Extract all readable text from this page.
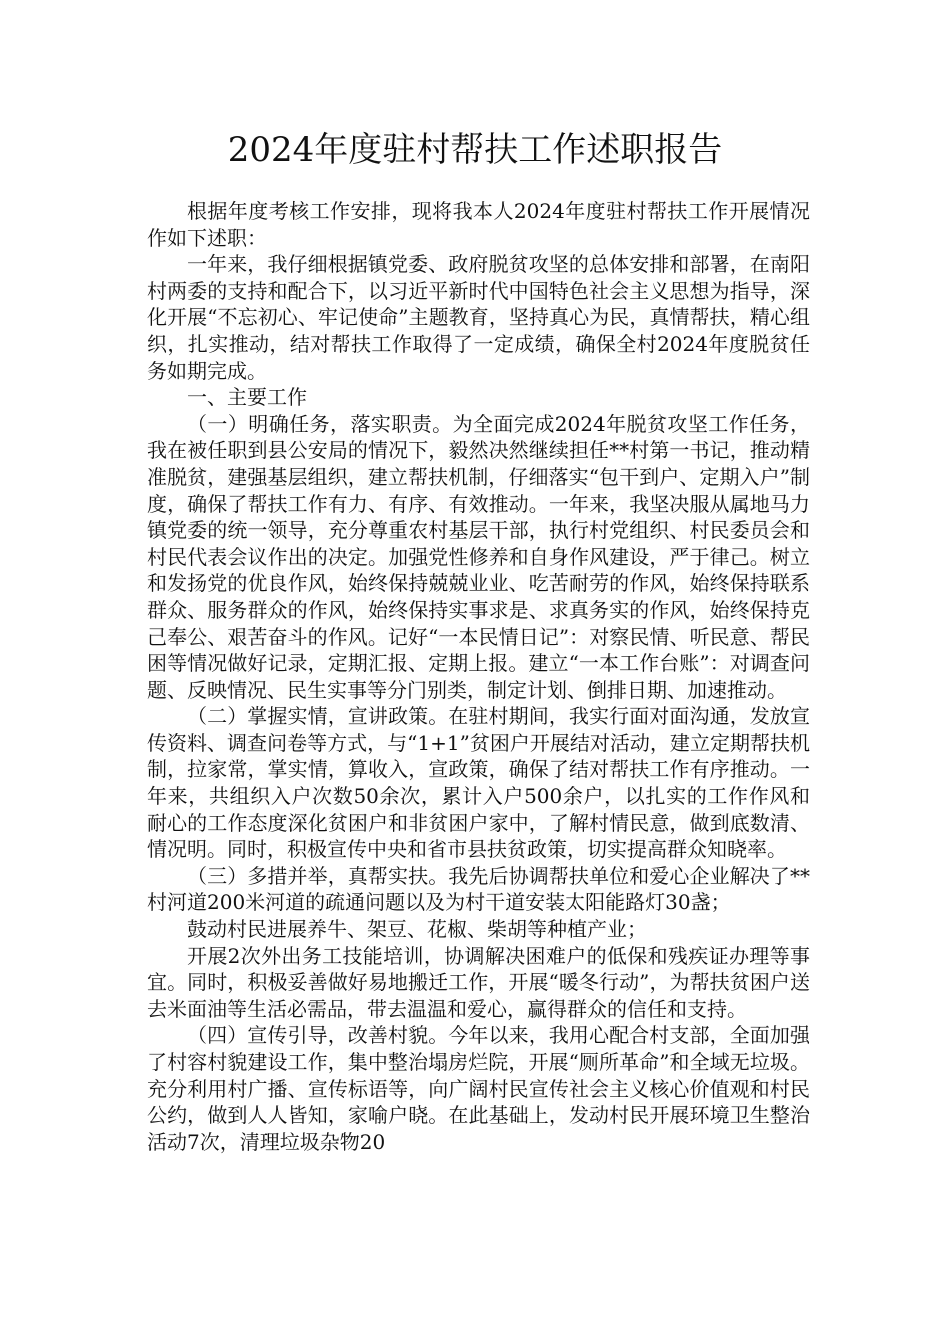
2024年度驻村帮扶工作述职报告

根据年度考核工作安排，现将我本人2024年度驻村帮扶工作开展情况作如下述职：

一年来，我仔细根据镇党委、政府脱贫攻坚的总体安排和部署，在南阳村两委的支持和配合下，以习近平新时代中国特色社会主义思想为指导，深化开展“不忘初心、牢记使命”主题教育，坚持真心为民，真情帮扶，精心组织，扎实推动，结对帮扶工作取得了一定成绩，确保全村2024年度脱贫任务如期完成。

一、主要工作

（一）明确任务，落实职责。为全面完成2024年脱贫攻坚工作任务，我在被任职到县公安局的情况下，毅然决然继续担任**村第一书记，推动精准脱贫，建强基层组织，建立帮扶机制，仔细落实“包干到户、定期入户”制度，确保了帮扶工作有力、有序、有效推动。一年来，我坚决服从属地马力镇党委的统一领导，充分尊重农村基层干部，执行村党组织、村民委员会和村民代表会议作出的决定。加强党性修养和自身作风建设，严于律己。树立和发扬党的优良作风，始终保持兢兢业业、吃苦耐劳的作风，始终保持联系群众、服务群众的作风，始终保持实事求是、求真务实的作风，始终保持克己奉公、艰苦奋斗的作风。记好“一本民情日记”：对察民情、听民意、帮民困等情况做好记录，定期汇报、定期上报。建立“一本工作台账”：对调查问题、反映情况、民生实事等分门别类，制定计划、倒排日期、加速推动。

（二）掌握实情，宣讲政策。在驻村期间，我实行面对面沟通，发放宣传资料、调查问卷等方式，与“1+1”贫困户开展结对活动，建立定期帮扶机制，拉家常，掌实情，算收入，宣政策，确保了结对帮扶工作有序推动。一年来，共组织入户次数50余次，累计入户500余户，以扎实的工作作风和耐心的工作态度深化贫困户和非贫困户家中，了解村情民意，做到底数清、情况明。同时，积极宣传中央和省市县扶贫政策，切实提高群众知晓率。

（三）多措并举，真帮实扶。我先后协调帮扶单位和爱心企业解决了**村河道200米河道的疏通问题以及为村干道安装太阳能路灯30盏；

鼓动村民进展养牛、架豆、花椒、柴胡等种植产业；

开展2次外出务工技能培训，协调解决困难户的低保和残疾证办理等事宜。同时，积极妥善做好易地搬迁工作，开展“暖冬行动”，为帮扶贫困户送去米面油等生活必需品，带去温温和爱心，赢得群众的信任和支持。

（四）宣传引导，改善村貌。今年以来，我用心配合村支部，全面加强了村容村貌建设工作，集中整治塌房烂院，开展“厕所革命”和全域无垃圾。充分利用村广播、宣传标语等，向广阔村民宣传社会主义核心价值观和村民公约，做到人人皆知，家喻户晓。在此基础上，发动村民开展环境卫生整治活动7次，清理垃圾杂物20
